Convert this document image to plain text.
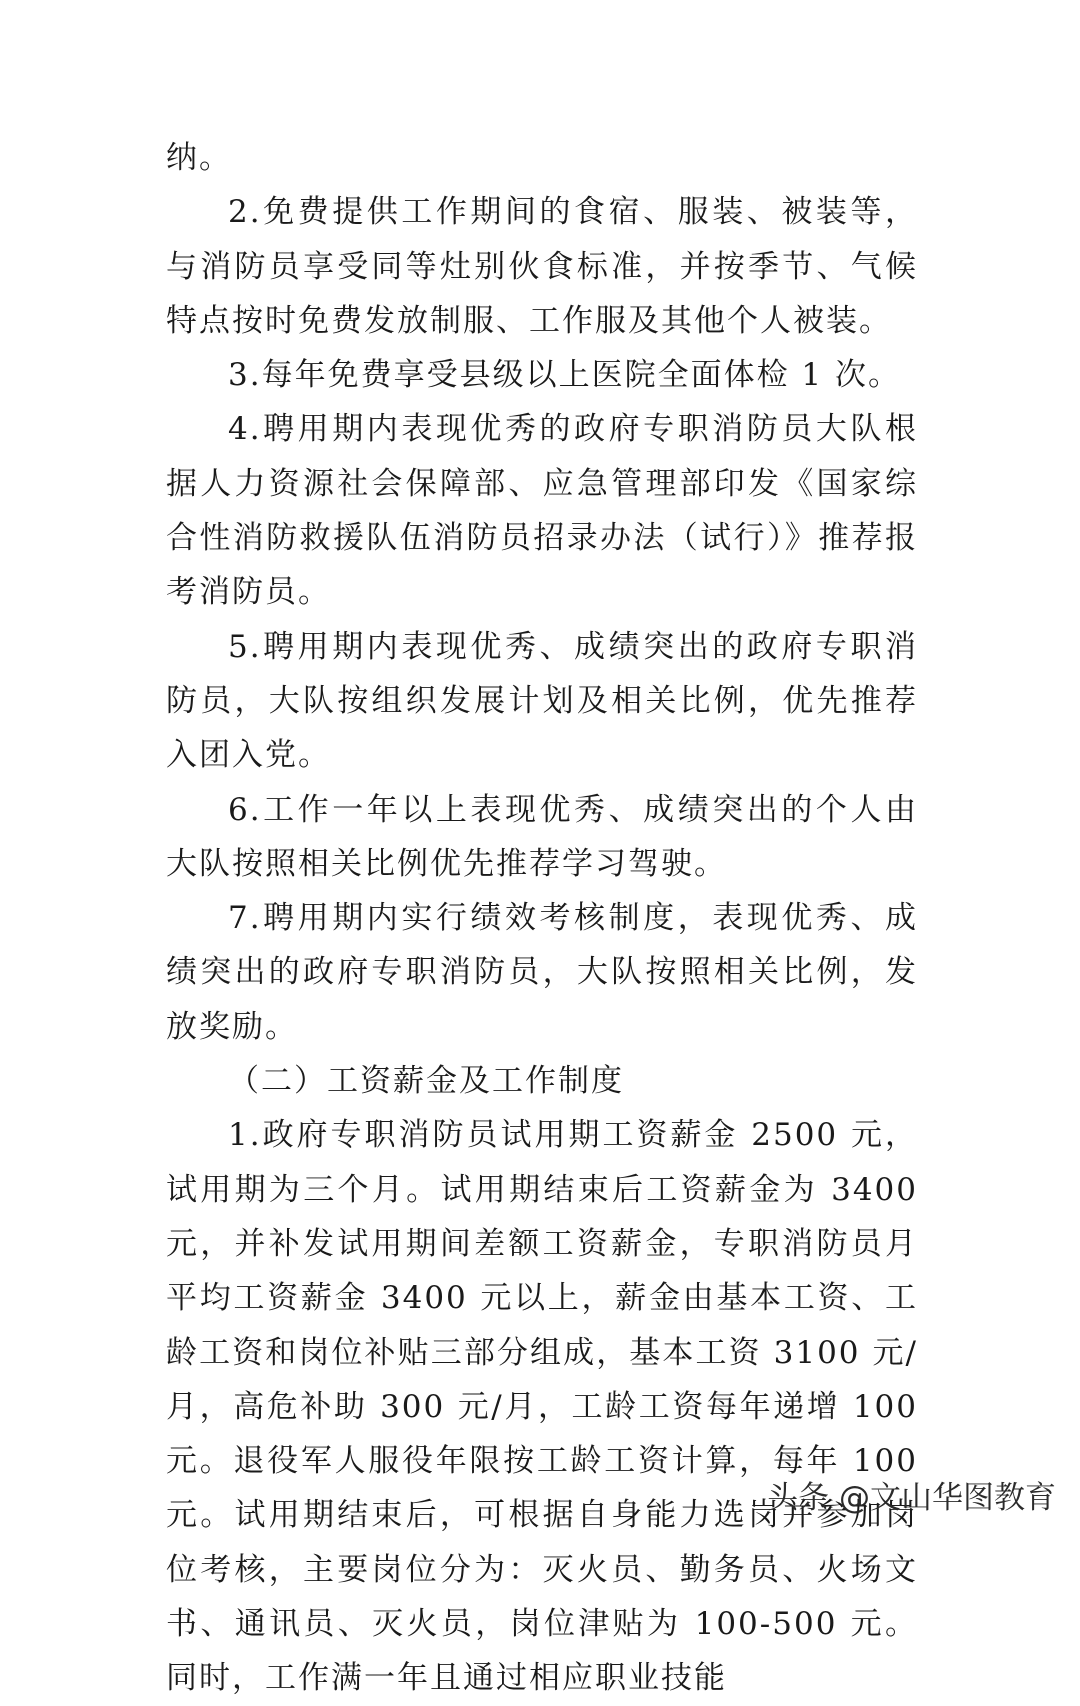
纳。

2.免费提供工作期间的食宿、服装、被装等，与消防员享受同等灶别伙食标准，并按季节、气候特点按时免费发放制服、工作服及其他个人被装。

3.每年免费享受县级以上医院全面体检 1 次。

4.聘用期内表现优秀的政府专职消防员大队根据人力资源社会保障部、应急管理部印发《国家综合性消防救援队伍消防员招录办法（试行）》推荐报考消防员。

5.聘用期内表现优秀、成绩突出的政府专职消防员，大队按组织发展计划及相关比例，优先推荐入团入党。

6.工作一年以上表现优秀、成绩突出的个人由大队按照相关比例优先推荐学习驾驶。

7.聘用期内实行绩效考核制度，表现优秀、成绩突出的政府专职消防员，大队按照相关比例，发放奖励。

（二）工资薪金及工作制度

1.政府专职消防员试用期工资薪金 2500 元，试用期为三个月。试用期结束后工资薪金为 3400 元，并补发试用期间差额工资薪金，专职消防员月平均工资薪金 3400 元以上，薪金由基本工资、工龄工资和岗位补贴三部分组成，基本工资 3100 元/月，高危补助 300 元/月，工龄工资每年递增 100 元。退役军人服役年限按工龄工资计算，每年 100 元。试用期结束后，可根据自身能力选岗并参加岗位考核，主要岗位分为：灭火员、勤务员、火场文书、通讯员、灭火员，岗位津贴为 100-500 元。同时，工作满一年且通过相应职业技能

头条 @文山华图教育
